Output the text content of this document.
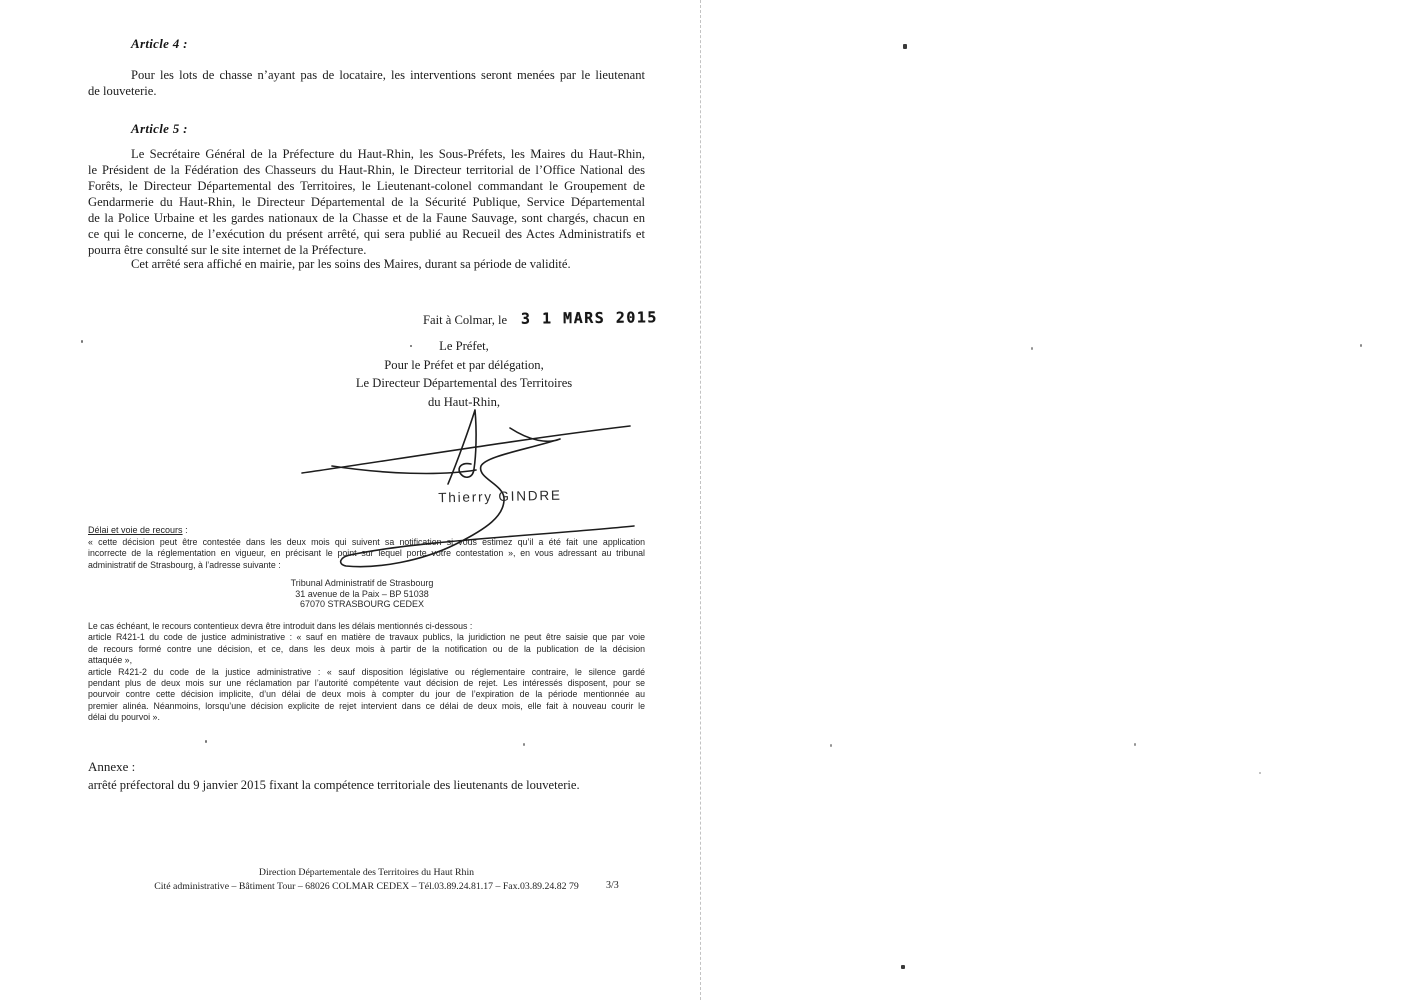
Article 4 :
Pour les lots de chasse n’ayant pas de locataire, les interventions seront menées par le lieutenant
de louveterie.
Article 5 :
Le Secrétaire Général de la Préfecture du Haut-Rhin, les Sous-Préfets, les Maires du Haut-Rhin,
le Président de la Fédération des Chasseurs du Haut-Rhin, le Directeur territorial de l’Office National des
Forêts, le Directeur Départemental des Territoires, le Lieutenant-colonel commandant le Groupement de
Gendarmerie du Haut-Rhin, le Directeur Départemental de la Sécurité Publique, Service Départemental
de la Police Urbaine et les gardes nationaux de la Chasse et de la Faune Sauvage, sont chargés, chacun en
ce qui le concerne, de l’exécution du présent arrêté, qui sera publié au Recueil des Actes Administratifs et
pourra être consulté sur le site internet de la Préfecture.
Cet arrêté sera affiché en mairie, par les soins des Maires, durant sa période de validité.
Fait à Colmar, le 3 1 MARS 2015
Le Préfet,
Pour le Préfet et par délégation,
Le Directeur Départemental des Territoires
du Haut-Rhin,
Thierry GINDRE
Délai et voie de recours :
« cette décision peut être contestée dans les deux mois qui suivent sa notification si vous estimez qu’il a été fait une application
incorrecte de la réglementation en vigueur, en précisant le point sur lequel porte votre contestation », en vous adressant au tribunal
administratif de Strasbourg, à l’adresse suivante :
Tribunal Administratif de Strasbourg
31 avenue de la Paix – BP 51038
67070 STRASBOURG CEDEX
Le cas échéant, le recours contentieux devra être introduit dans les délais mentionnés ci-dessous :
article R421-1 du code de justice administrative : « sauf en matière de travaux publics, la juridiction ne peut être saisie que par voie
de recours formé contre une décision, et ce, dans les deux mois à partir de la notification ou de la publication de la décision
attaquée »,
article R421-2 du code de la justice administrative : « sauf disposition législative ou réglementaire contraire, le silence gardé
pendant plus de deux mois sur une réclamation par l’autorité compétente vaut décision de rejet. Les intéressés disposent, pour se
pourvoir contre cette décision implicite, d’un délai de deux mois à compter du jour de l’expiration de la période mentionnée au
premier alinéa. Néanmoins, lorsqu’une décision explicite de rejet intervient dans ce délai de deux mois, elle fait à nouveau courir le
délai du pourvoi ».
Annexe :
arrêté préfectoral du 9 janvier 2015 fixant la compétence territoriale des lieutenants de louveterie.
Direction Départementale des Territoires du Haut Rhin
Cité administrative – Bâtiment Tour – 68026 COLMAR CEDEX – Tél.03.89.24.81.17 – Fax.03.89.24.82 79	3/3
